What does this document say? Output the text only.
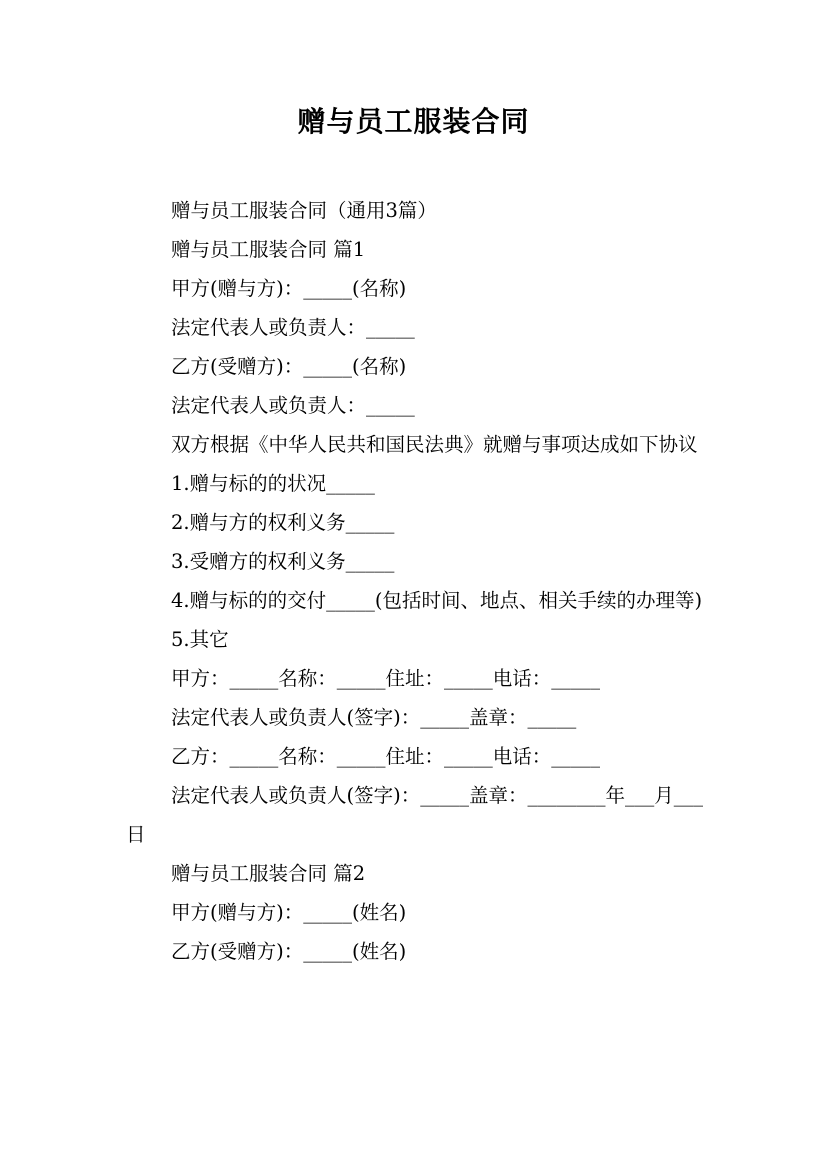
赠与员工服装合同

赠与员工服装合同（通用3篇）

赠与员工服装合同 篇1

甲方(赠与方)：_____(名称)

法定代表人或负责人：_____

乙方(受赠方)：_____(名称)

法定代表人或负责人：_____

双方根据《中华人民共和国民法典》就赠与事项达成如下协议

1.赠与标的的状况_____

2.赠与方的权利义务_____

3.受赠方的权利义务_____

4.赠与标的的交付_____(包括时间、地点、相关手续的办理等)

5.其它

甲方：_____名称：_____住址：_____电话：_____

法定代表人或负责人(签字)：_____盖章：_____

乙方：_____名称：_____住址：_____电话：_____

法定代表人或负责人(签字)：_____盖章：________年___月___日

赠与员工服装合同 篇2

甲方(赠与方)：_____(姓名)

乙方(受赠方)：_____(姓名)
